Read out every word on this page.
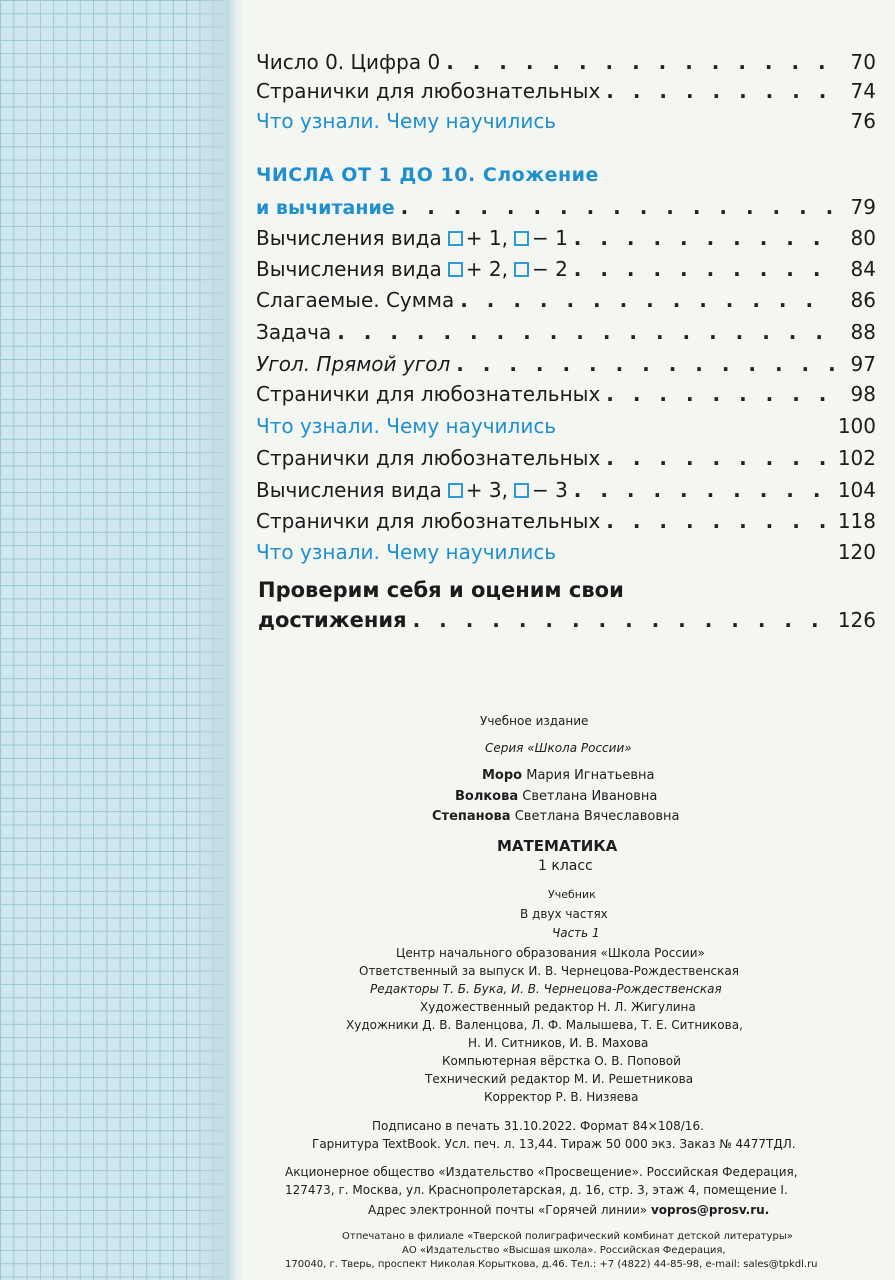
Число 0. Цифра 0 . . .	70
Странички для любознательных . . .	74
Что узнали. Чему научились	76
ЧИСЛА ОТ 1 ДО 10. Сложение
и вычитание . . .	79
Вычисления вида + 1, − 1 . . .	80
Вычисления вида + 2, − 2 . . .	84
Слагаемые. Сумма . . .	86
Задача . . .	88
Угол. Прямой угол . . .	97
Странички для любознательных . . .	98
Что узнали. Чему научились	100
Странички для любознательных . . .	102
Вычисления вида + 3, − 3 . . .	104
Странички для любознательных . . .	118
Что узнали. Чему научились	120
Проверим себя и оценим свои
достижения . . .	126
Учебное издание
Серия «Школа России»
Моро Мария Игнатьевна
Волкова Светлана Ивановна
Степанова Светлана Вячеславовна
МАТЕМАТИКА
1 класс
Учебник
В двух частях
Часть 1
Центр начального образования «Школа России»
Ответственный за выпуск И. В. Чернецова-Рождественская
Редакторы Т. Б. Бука, И. В. Чернецова-Рождественская
Художественный редактор Н. Л. Жигулина
Художники Д. В. Валенцова, Л. Ф. Малышева, Т. Е. Ситникова,
Н. И. Ситников, И. В. Махова
Компьютерная вёрстка О. В. Поповой
Технический редактор М. И. Решетникова
Корректор Р. В. Низяева
Подписано в печать 31.10.2022. Формат 84×108/16.
Гарнитура TextBook. Усл. печ. л. 13,44. Тираж 50 000 экз. Заказ № 4477ТДЛ.
Акционерное общество «Издательство «Просвещение». Российская Федерация,
127473, г. Москва, ул. Краснопролетарская, д. 16, стр. 3, этаж 4, помещение I.
Адрес электронной почты «Горячей линии» vopros@prosv.ru.
Отпечатано в филиале «Тверской полиграфический комбинат детской литературы»
АО «Издательство «Высшая школа». Российская Федерация,
170040, г. Тверь, проспект Николая Корыткова, д.46. Тел.: +7 (4822) 44-85-98, e-mail: sales@tpkdl.ru
